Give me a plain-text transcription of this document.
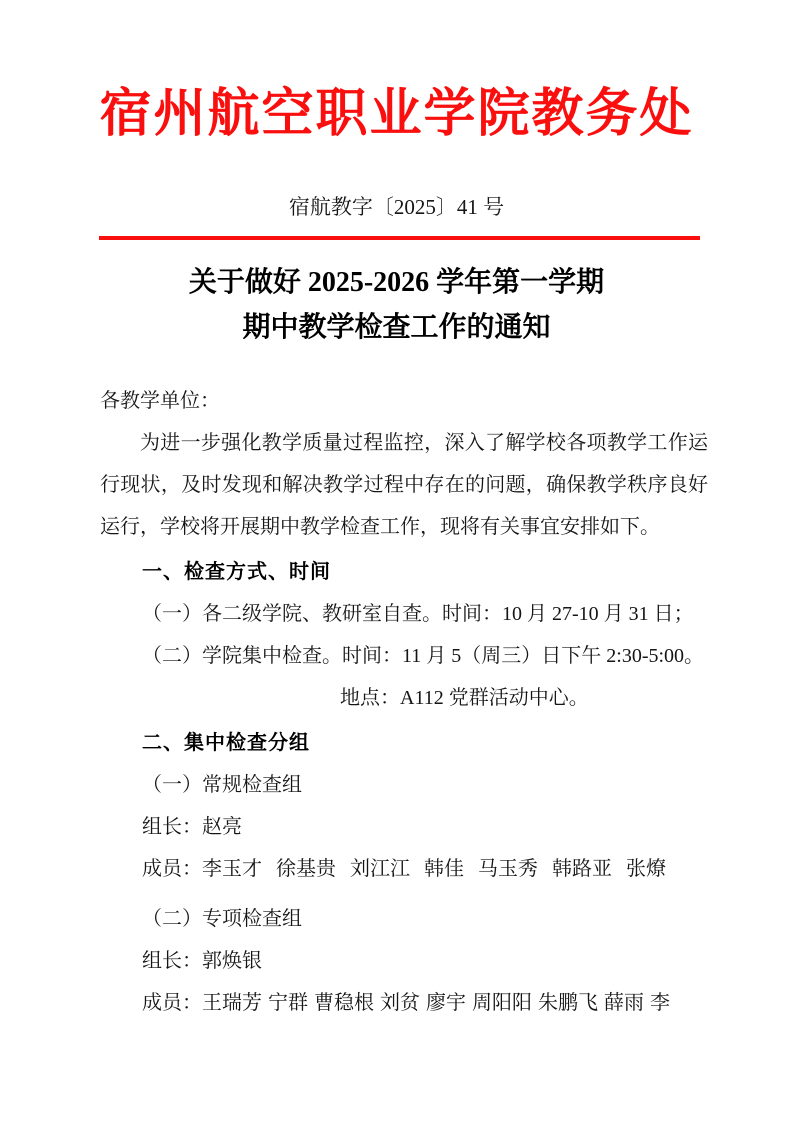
宿州航空职业学院教务处
宿航教字〔2025〕41 号
关于做好 2025-2026 学年第一学期
期中教学检查工作的通知

各教学单位：

为进一步强化教学质量过程监控，深入了解学校各项教学工作运行现状，及时发现和解决教学过程中存在的问题，确保教学秩序良好运行，学校将开展期中教学检查工作，现将有关事宜安排如下。

一、检查方式、时间

（一）各二级学院、教研室自查。时间：10 月 27-10 月 31 日；

（二）学院集中检查。时间：11 月 5（周三）日下午 2:30-5:00。

地点：A112 党群活动中心。

二、集中检查分组

（一）常规检查组

组长：赵亮

成员：李玉才 徐基贵 刘江江 韩佳 马玉秀 韩路亚 张燎

（二）专项检查组

组长：郭焕银

成员：王瑞芳 宁群 曹稳根 刘贫 廖宇 周阳阳 朱鹏飞 薛雨 李
